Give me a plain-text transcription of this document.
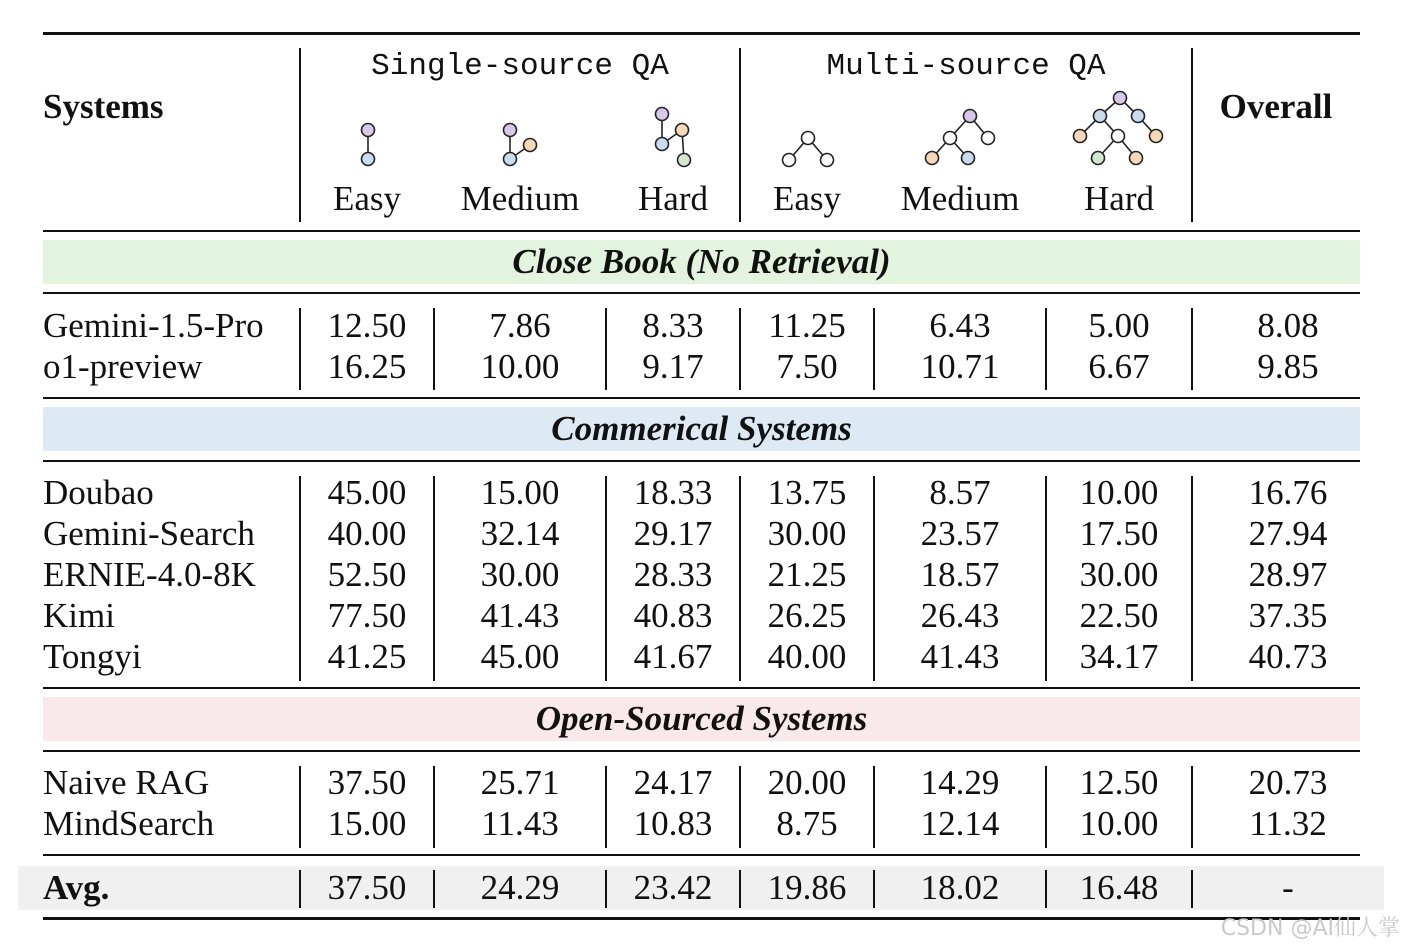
Systems
Single-source QA	Multi-source QA
Overall
Easy	Medium	Hard	Easy	Medium	Hard
Close Book (No Retrieval)
Gemini-1.5-Pro	12.50	7.86	8.33	11.25	6.43	5.00	8.08
o1-preview	16.25	10.00	9.17	7.50	10.71	6.67	9.85
Commerical Systems
Doubao	45.00	15.00	18.33	13.75	8.57	10.00	16.76
Gemini-Search	40.00	32.14	29.17	30.00	23.57	17.50	27.94
ERNIE-4.0-8K	52.50	30.00	28.33	21.25	18.57	30.00	28.97
Kimi	77.50	41.43	40.83	26.25	26.43	22.50	37.35
Tongyi	41.25	45.00	41.67	40.00	41.43	34.17	40.73
Open-Sourced Systems
Naive RAG	37.50	25.71	24.17	20.00	14.29	12.50	20.73
MindSearch	15.00	11.43	10.83	8.75	12.14	10.00	11.32
Avg.	37.50	24.29	23.42	19.86	18.02	16.48	-
CSDN @AI仙人掌
